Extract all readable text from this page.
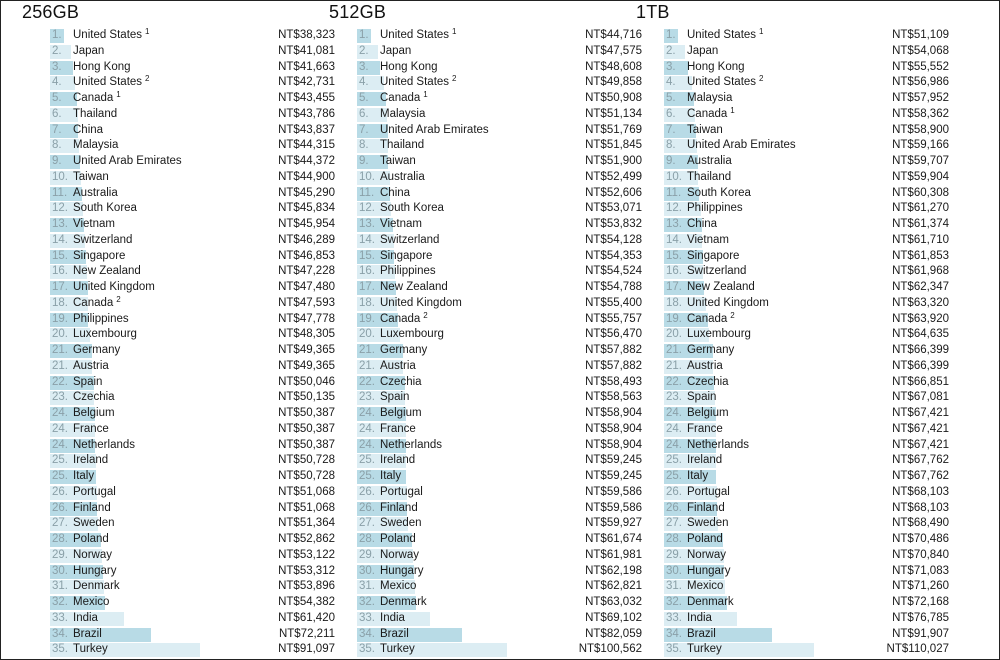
256GB
1. United States $^1$	NT$38,323
2. Japan	NT$41,081
3. Hong Kong	NT$41,663
4. United States $^2$	NT$42,731
5. Canada $^1$	NT$43,455
6. Thailand	NT$43,786
7. China	NT$43,837
8. Malaysia	NT$44,315
9. United Arab Emirates	NT$44,372
10. Taiwan	NT$44,900
11. Australia	NT$45,290
12. South Korea	NT$45,834
13. Vietnam	NT$45,954
14. Switzerland	NT$46,289
15. Singapore	NT$46,853
16. New Zealand	NT$47,228
17. United Kingdom	NT$47,480
18. Canada $^2$	NT$47,593
19. Philippines	NT$47,778
20. Luxembourg	NT$48,305
21. Germany	NT$49,365
21. Austria	NT$49,365
22. Spain	NT$50,046
23. Czechia	NT$50,135
24. Belgium	NT$50,387
24. France	NT$50,387
24. Netherlands	NT$50,387
25. Ireland	NT$50,728
25. Italy	NT$50,728
26. Portugal	NT$51,068
26. Finland	NT$51,068
27. Sweden	NT$51,364
28. Poland	NT$52,862
29. Norway	NT$53,122
30. Hungary	NT$53,312
31. Denmark	NT$53,896
32. Mexico	NT$54,382
33. India	NT$61,420
34. Brazil	NT$72,211
35. Turkey	NT$91,097
512GB
1. United States $^1$	NT$44,716
2. Japan	NT$47,575
3. Hong Kong	NT$48,608
4. United States $^2$	NT$49,858
5. Canada $^1$	NT$50,908
6. Malaysia	NT$51,134
7. United Arab Emirates	NT$51,769
8. Thailand	NT$51,845
9. Taiwan	NT$51,900
10. Australia	NT$52,499
11. China	NT$52,606
12. South Korea	NT$53,071
13. Vietnam	NT$53,832
14. Switzerland	NT$54,128
15. Singapore	NT$54,353
16. Philippines	NT$54,524
17. New Zealand	NT$54,788
18. United Kingdom	NT$55,400
19. Canada $^2$	NT$55,757
20. Luxembourg	NT$56,470
21. Germany	NT$57,882
21. Austria	NT$57,882
22. Czechia	NT$58,493
23. Spain	NT$58,563
24. Belgium	NT$58,904
24. France	NT$58,904
24. Netherlands	NT$58,904
25. Ireland	NT$59,245
25. Italy	NT$59,245
26. Portugal	NT$59,586
26. Finland	NT$59,586
27. Sweden	NT$59,927
28. Poland	NT$61,674
29. Norway	NT$61,981
30. Hungary	NT$62,198
31. Mexico	NT$62,821
32. Denmark	NT$63,032
33. India	NT$69,102
34. Brazil	NT$82,059
35. Turkey	NT$100,562
1TB
1. United States $^1$	NT$51,109
2. Japan	NT$54,068
3. Hong Kong	NT$55,552
4. United States $^2$	NT$56,986
5. Malaysia	NT$57,952
6. Canada $^1$	NT$58,362
7. Taiwan	NT$58,900
8. United Arab Emirates	NT$59,166
9. Australia	NT$59,707
10. Thailand	NT$59,904
11. South Korea	NT$60,308
12. Philippines	NT$61,270
13. China	NT$61,374
14. Vietnam	NT$61,710
15. Singapore	NT$61,853
16. Switzerland	NT$61,968
17. New Zealand	NT$62,347
18. United Kingdom	NT$63,320
19. Canada $^2$	NT$63,920
20. Luxembourg	NT$64,635
21. Germany	NT$66,399
21. Austria	NT$66,399
22. Czechia	NT$66,851
23. Spain	NT$67,081
24. Belgium	NT$67,421
24. France	NT$67,421
24. Netherlands	NT$67,421
25. Ireland	NT$67,762
25. Italy	NT$67,762
26. Portugal	NT$68,103
26. Finland	NT$68,103
27. Sweden	NT$68,490
28. Poland	NT$70,486
29. Norway	NT$70,840
30. Hungary	NT$71,083
31. Mexico	NT$71,260
32. Denmark	NT$72,168
33. India	NT$76,785
34. Brazil	NT$91,907
35. Turkey	NT$110,027
